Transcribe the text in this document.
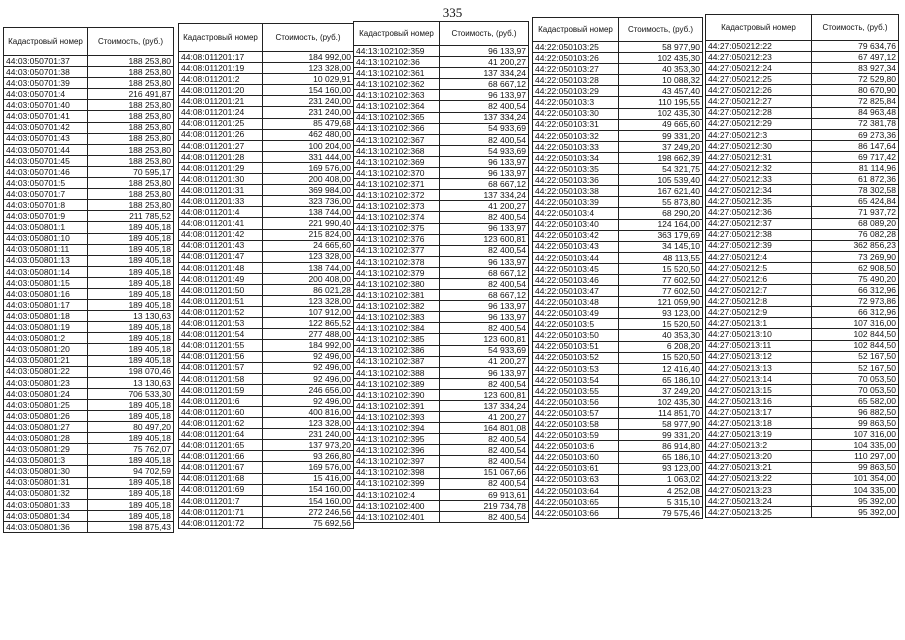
335
Кадастровый номер	Стоимость, (руб.)
44:03:050701:37	188 253,80
44:03:050701:38	188 253,80
44:03:050701:39	188 253,80
44:03:050701:4	216 491,87
44:03:050701:40	188 253,80
44:03:050701:41	188 253,80
44:03:050701:42	188 253,80
44:03:050701:43	188 253,80
44:03:050701:44	188 253,80
44:03:050701:45	188 253,80
44:03:050701:46	70 595,17
44:03:050701:5	188 253,80
44:03:050701:7	188 253,80
44:03:050701:8	188 253,80
44:03:050701:9	211 785,52
44:03:050801:1	189 405,18
44:03:050801:10	189 405,18
44:03:050801:11	189 405,18
44:03:050801:13	189 405,18
44:03:050801:14	189 405,18
44:03:050801:15	189 405,18
44:03:050801:16	189 405,18
44:03:050801:17	189 405,18
44:03:050801:18	13 130,63
44:03:050801:19	189 405,18
44:03:050801:2	189 405,18
44:03:050801:20	189 405,18
44:03:050801:21	189 405,18
44:03:050801:22	198 070,46
44:03:050801:23	13 130,63
44:03:050801:24	706 533,30
44:03:050801:25	189 405,18
44:03:050801:26	189 405,18
44:03:050801:27	80 497,20
44:03:050801:28	189 405,18
44:03:050801:29	75 762,07
44:03:050801:3	189 405,18
44:03:050801:30	94 702,59
44:03:050801:31	189 405,18
44:03:050801:32	189 405,18
44:03:050801:33	189 405,18
44:03:050801:34	189 405,18
44:03:050801:36	198 875,43
Кадастровый номер	Стоимость, (руб.)
44:08:011201:17	184 992,00
44:08:011201:19	123 328,00
44:08:011201:2	10 029,91
44:08:011201:20	154 160,00
44:08:011201:21	231 240,00
44:08:011201:24	231 240,00
44:08:011201:25	85 479,68
44:08:011201:26	462 480,00
44:08:011201:27	100 204,00
44:08:011201:28	331 444,00
44:08:011201:29	169 576,00
44:08:011201:30	200 408,00
44:08:011201:31	369 984,00
44:08:011201:33	323 736,00
44:08:011201:4	138 744,00
44:08:011201:41	221 990,40
44:08:011201:42	215 824,00
44:08:011201:43	24 665,60
44:08:011201:47	123 328,00
44:08:011201:48	138 744,00
44:08:011201:49	200 408,00
44:08:011201:50	86 021,28
44:08:011201:51	123 328,00
44:08:011201:52	107 912,00
44:08:011201:53	122 865,52
44:08:011201:54	277 488,00
44:08:011201:55	184 992,00
44:08:011201:56	92 496,00
44:08:011201:57	92 496,00
44:08:011201:58	92 496,00
44:08:011201:59	246 656,00
44:08:011201:6	92 496,00
44:08:011201:60	400 816,00
44:08:011201:62	123 328,00
44:08:011201:64	231 240,00
44:08:011201:65	137 973,20
44:08:011201:66	93 266,80
44:08:011201:67	169 576,00
44:08:011201:68	15 416,00
44:08:011201:69	154 160,00
44:08:011201:7	154 160,00
44:08:011201:71	272 246,56
44:08:011201:72	75 692,56
Кадастровый номер	Стоимость, (руб.)
44:13:102102:359	96 133,97
44:13:102102:36	41 200,27
44:13:102102:361	137 334,24
44:13:102102:362	68 667,12
44:13:102102:363	96 133,97
44:13:102102:364	82 400,54
44:13:102102:365	137 334,24
44:13:102102:366	54 933,69
44:13:102102:367	82 400,54
44:13:102102:368	54 933,69
44:13:102102:369	96 133,97
44:13:102102:370	96 133,97
44:13:102102:371	68 667,12
44:13:102102:372	137 334,24
44:13:102102:373	41 200,27
44:13:102102:374	82 400,54
44:13:102102:375	96 133,97
44:13:102102:376	123 600,81
44:13:102102:377	82 400,54
44:13:102102:378	96 133,97
44:13:102102:379	68 667,12
44:13:102102:380	82 400,54
44:13:102102:381	68 667,12
44:13:102102:382	96 133,97
44:13:102102:383	96 133,97
44:13:102102:384	82 400,54
44:13:102102:385	123 600,81
44:13:102102:386	54 933,69
44:13:102102:387	41 200,27
44:13:102102:388	96 133,97
44:13:102102:389	82 400,54
44:13:102102:390	123 600,81
44:13:102102:391	137 334,24
44:13:102102:393	41 200,27
44:13:102102:394	164 801,08
44:13:102102:395	82 400,54
44:13:102102:396	82 400,54
44:13:102102:397	82 400,54
44:13:102102:398	151 067,66
44:13:102102:399	82 400,54
44:13:102102:4	69 913,61
44:13:102102:400	219 734,78
44:13:102102:401	82 400,54
Кадастровый номер	Стоимость, (руб.)
44:22:050103:25	58 977,90
44:22:050103:26	102 435,30
44:22:050103:27	40 353,30
44:22:050103:28	10 088,32
44:22:050103:29	43 457,40
44:22:050103:3	110 195,55
44:22:050103:30	102 435,30
44:22:050103:31	49 665,60
44:22:050103:32	99 331,20
44:22:050103:33	37 249,20
44:22:050103:34	198 662,39
44:22:050103:35	54 321,75
44:22:050103:36	105 539,40
44:22:050103:38	167 621,40
44:22:050103:39	55 873,80
44:22:050103:4	68 290,20
44:22:050103:40	124 164,00
44:22:050103:42	363 179,69
44:22:050103:43	34 145,10
44:22:050103:44	48 113,55
44:22:050103:45	15 520,50
44:22:050103:46	77 602,50
44:22:050103:47	77 602,50
44:22:050103:48	121 059,90
44:22:050103:49	93 123,00
44:22:050103:5	15 520,50
44:22:050103:50	40 353,30
44:22:050103:51	6 208,20
44:22:050103:52	15 520,50
44:22:050103:53	12 416,40
44:22:050103:54	65 186,10
44:22:050103:55	37 249,20
44:22:050103:56	102 435,30
44:22:050103:57	114 851,70
44:22:050103:58	58 977,90
44:22:050103:59	99 331,20
44:22:050103:6	86 914,80
44:22:050103:60	65 186,10
44:22:050103:61	93 123,00
44:22:050103:63	1 063,02
44:22:050103:64	4 252,08
44:22:050103:65	5 315,10
44:22:050103:66	79 575,46
Кадастровый номер	Стоимость, (руб.)
44:27:050212:22	79 634,76
44:27:050212:23	67 497,12
44:27:050212:24	83 927,34
44:27:050212:25	72 529,80
44:27:050212:26	80 670,90
44:27:050212:27	72 825,84
44:27:050212:28	84 963,48
44:27:050212:29	72 381,78
44:27:050212:3	69 273,36
44:27:050212:30	86 147,64
44:27:050212:31	69 717,42
44:27:050212:32	81 114,96
44:27:050212:33	61 872,36
44:27:050212:34	78 302,58
44:27:050212:35	65 424,84
44:27:050212:36	71 937,72
44:27:050212:37	68 089,20
44:27:050212:38	76 082,28
44:27:050212:39	362 856,23
44:27:050212:4	73 269,90
44:27:050212:5	62 908,50
44:27:050212:6	75 490,20
44:27:050212:7	66 312,96
44:27:050212:8	72 973,86
44:27:050212:9	66 312,96
44:27:050213:1	107 316,00
44:27:050213:10	102 844,50
44:27:050213:11	102 844,50
44:27:050213:12	52 167,50
44:27:050213:13	52 167,50
44:27:050213:14	70 053,50
44:27:050213:15	70 053,50
44:27:050213:16	65 582,00
44:27:050213:17	96 882,50
44:27:050213:18	99 863,50
44:27:050213:19	107 316,00
44:27:050213:2	104 335,00
44:27:050213:20	110 297,00
44:27:050213:21	99 863,50
44:27:050213:22	101 354,00
44:27:050213:23	104 335,00
44:27:050213:24	95 392,00
44:27:050213:25	95 392,00
